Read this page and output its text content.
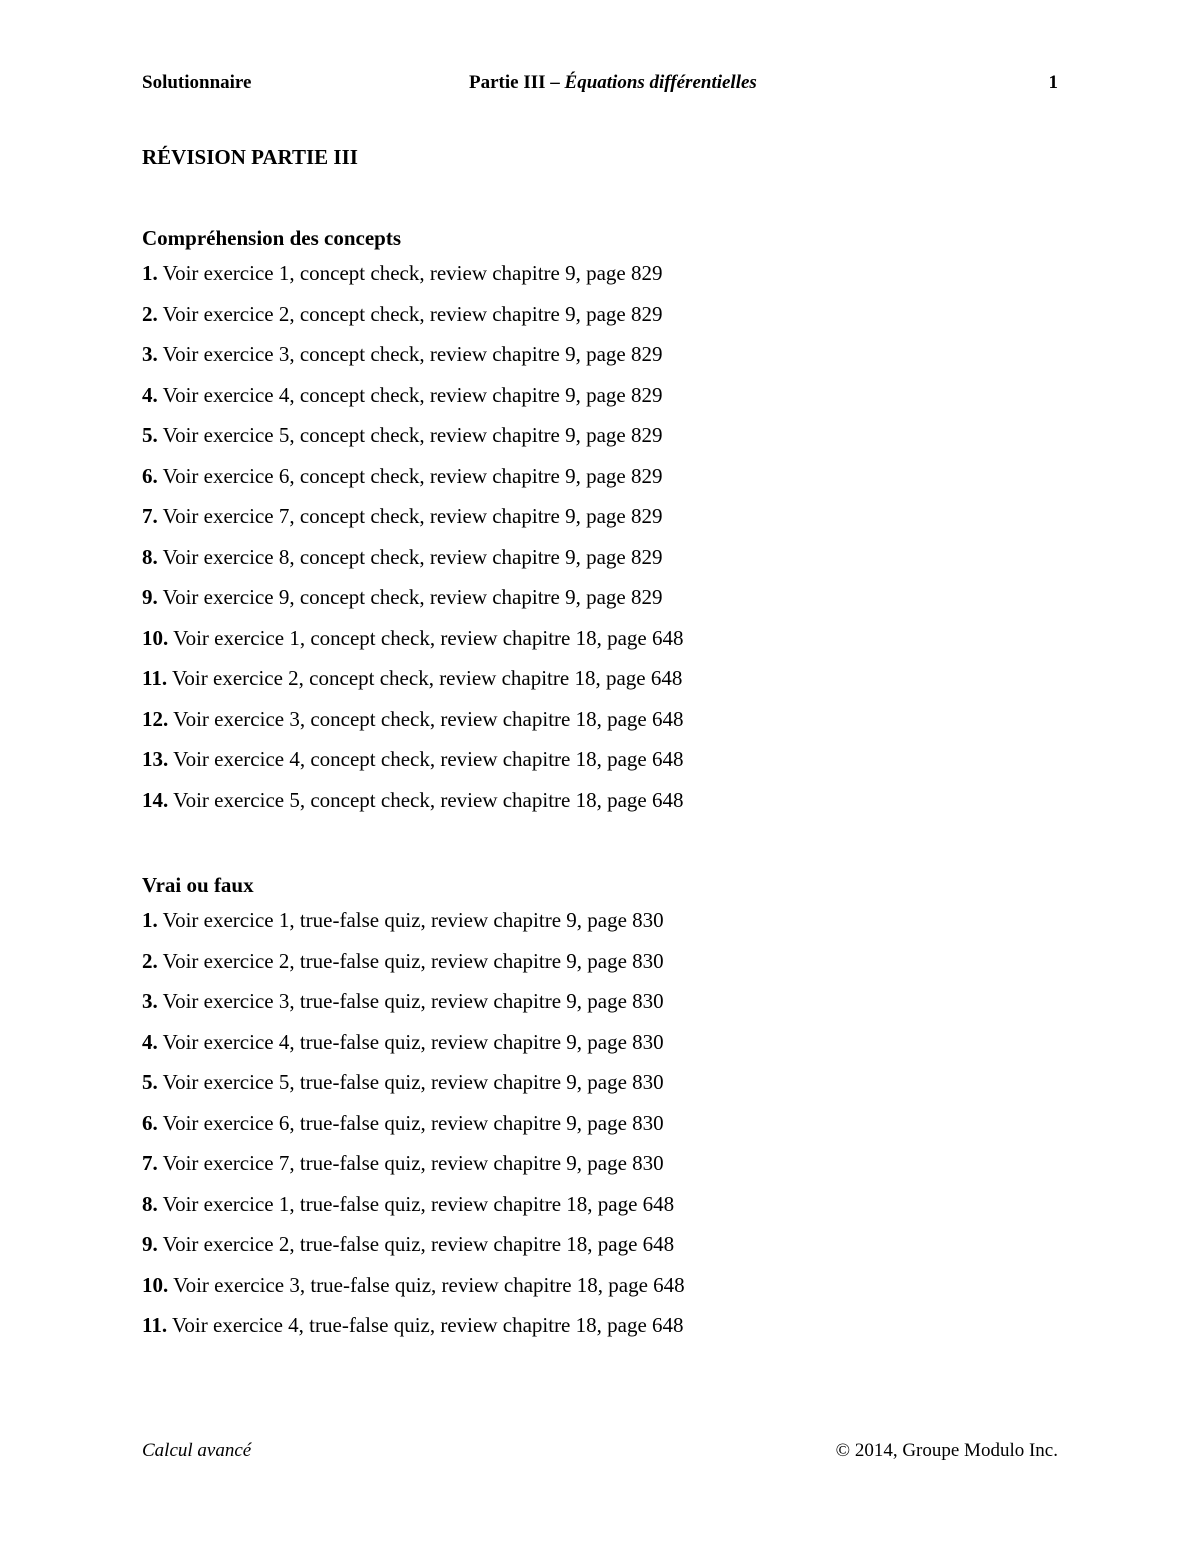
Solutionnaire	Partie III – Équations différentielles	1
RÉVISION PARTIE III
Compréhension des concepts
1. Voir exercice 1, concept check, review chapitre 9, page 829
2. Voir exercice 2, concept check, review chapitre 9, page 829
3. Voir exercice 3, concept check, review chapitre 9, page 829
4. Voir exercice 4, concept check, review chapitre 9, page 829
5. Voir exercice 5, concept check, review chapitre 9, page 829
6. Voir exercice 6, concept check, review chapitre 9, page 829
7. Voir exercice 7, concept check, review chapitre 9, page 829
8. Voir exercice 8, concept check, review chapitre 9, page 829
9. Voir exercice 9, concept check, review chapitre 9, page 829
10. Voir exercice 1, concept check, review chapitre 18, page 648
11. Voir exercice 2, concept check, review chapitre 18, page 648
12. Voir exercice 3, concept check, review chapitre 18, page 648
13. Voir exercice 4, concept check, review chapitre 18, page 648
14. Voir exercice 5, concept check, review chapitre 18, page 648
Vrai ou faux
1. Voir exercice 1, true-false quiz, review chapitre 9, page 830
2. Voir exercice 2, true-false quiz, review chapitre 9, page 830
3. Voir exercice 3, true-false quiz, review chapitre 9, page 830
4. Voir exercice 4, true-false quiz, review chapitre 9, page 830
5. Voir exercice 5, true-false quiz, review chapitre 9, page 830
6. Voir exercice 6, true-false quiz, review chapitre 9, page 830
7. Voir exercice 7, true-false quiz, review chapitre 9, page 830
8. Voir exercice 1, true-false quiz, review chapitre 18, page 648
9. Voir exercice 2, true-false quiz, review chapitre 18, page 648
10. Voir exercice 3, true-false quiz, review chapitre 18, page 648
11. Voir exercice 4, true-false quiz, review chapitre 18, page 648
Calcul avancé	© 2014, Groupe Modulo Inc.
